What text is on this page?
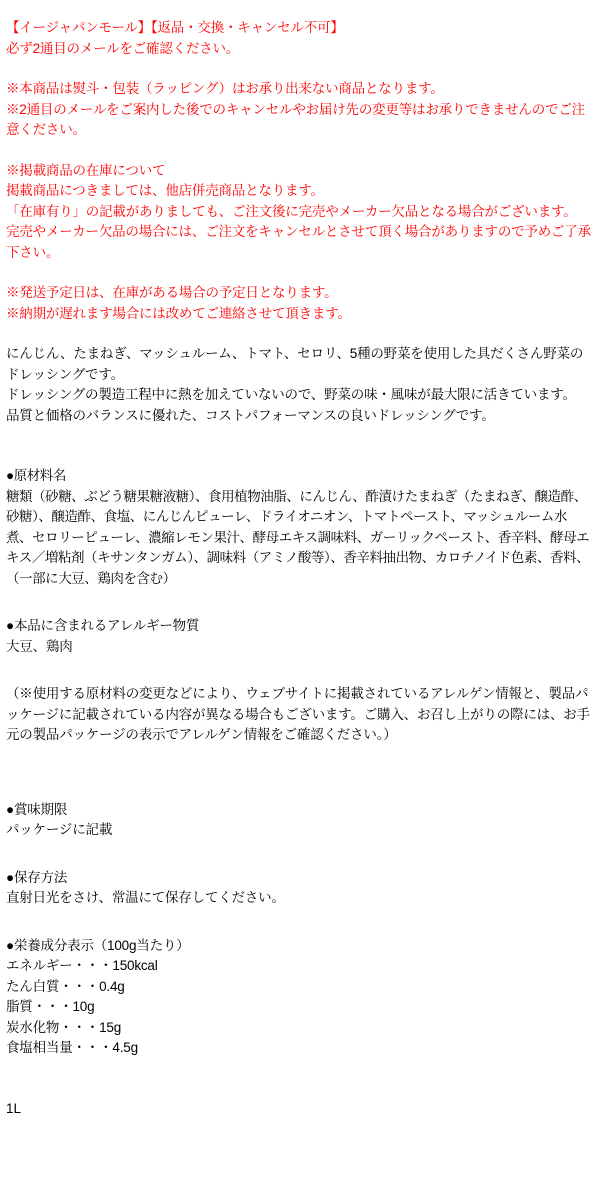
【イージャパンモール】【返品・交換・キャンセル不可】
必ず2通目のメールをご確認ください。
※本商品は熨斗・包装（ラッピング）はお承り出来ない商品となります。
※2通目のメールをご案内した後でのキャンセルやお届け先の変更等はお承りできませんのでご注意ください。
※掲載商品の在庫について
掲載商品につきましては、他店併売商品となります。
「在庫有り」の記載がありましても、ご注文後に完売やメーカー欠品となる場合がございます。
完売やメーカー欠品の場合には、ご注文をキャンセルとさせて頂く場合がありますので予めご了承下さい。
※発送予定日は、在庫がある場合の予定日となります。
※納期が遅れます場合には改めてご連絡させて頂きます。
にんじん、たまねぎ、マッシュルーム、トマト、セロリ、5種の野菜を使用した具だくさん野菜のドレッシングです。
ドレッシングの製造工程中に熱を加えていないので、野菜の味・風味が最大限に活きています。
品質と価格のバランスに優れた、コストパフォーマンスの良いドレッシングです。
●原材料名
糖類（砂糖、ぶどう糖果糖液糖）、食用植物油脂、にんじん、酢漬けたまねぎ（たまねぎ、醸造酢、砂糖）、醸造酢、食塩、にんじんピューレ、ドライオニオン、トマトペースト、マッシュルーム水煮、セロリーピューレ、濃縮レモン果汁、酵母エキス調味料、ガーリックペースト、香辛料、酵母エキス／増粘剤（キサンタンガム）、調味料（アミノ酸等）、香辛料抽出物、カロチノイド色素、香料、（一部に大豆、鶏肉を含む）
●本品に含まれるアレルギー物質
大豆、鶏肉
（※使用する原材料の変更などにより、ウェブサイトに掲載されているアレルゲン情報と、製品パッケージに記載されている内容が異なる場合もございます。ご購入、お召し上がりの際には、お手元の製品パッケージの表示でアレルゲン情報をご確認ください。）
●賞味期限
パッケージに記載
●保存方法
直射日光をさけ、常温にて保存してください。
●栄養成分表示（100g当たり）
エネルギー・・・150kcal
たん白質・・・0.4g
脂質・・・10g
炭水化物・・・15g
食塩相当量・・・4.5g
1L
